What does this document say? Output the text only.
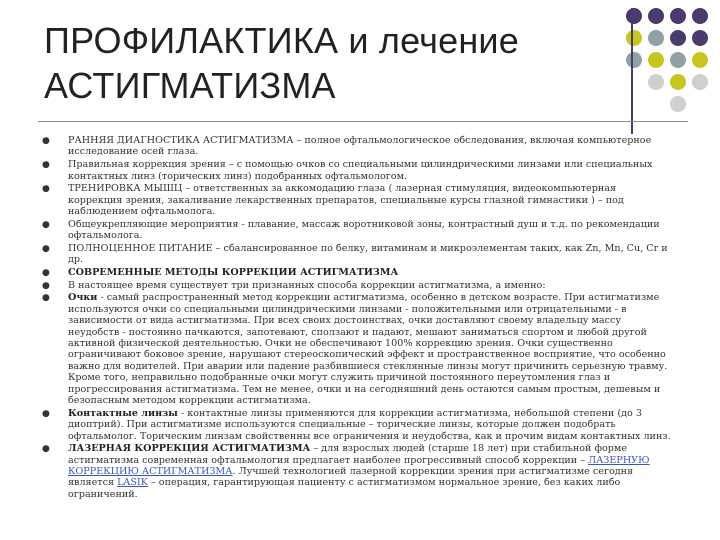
ПРОФИЛАКТИКА и лечение
АСТИГМАТИЗМА
● РАННЯЯ ДИАГНОСТИКА АСТИГМАТИЗМА – полное офтальмологическое обследования, включая компьютерное
исследование осей глаза.
● Правильная коррекция зрения – с помощью очков со специальными цилиндрическими линзами или специальных
контактных линз (торических линз) подобранных офтальмологом.
● ТРЕНИРОВКА МЫШЦ – ответственных за аккомодацию глаза ( лазерная стимуляция, видеокомпьютерная
коррекция зрения, закаливание лекарственных препаратов, специальные курсы глазной гимнастики ) – под
наблюдением офтальмолога.
● Общеукрепляющие мероприятия - плавание, массаж воротниковой зоны, контрастный душ и т.д. по рекомендации
офтальмолога.
● ПОЛНОЦЕННОЕ ПИТАНИЕ – сбалансированное по белку, витаминам и микроэлементам таких, как Zn, Mn, Cu, Cr и
др.
● СОВРЕМЕННЫЕ МЕТОДЫ КОРРЕКЦИИ АСТИГМАТИЗМА
● В настоящее время существует три признанных способа коррекции астигматизма, а именно:
● Очки - самый распространенный метод коррекции астигматизма, особенно в детском возрасте. При астигматизме
используются очки со специальными цилиндрическими линзами - положительными или отрицательными - в
зависимости от вида астигматизма. При всех своих достоинствах, очки доставляют своему владельцу массу
неудобств - постоянно пачкаются, запотевают, сползают и падают, мешают заниматься спортом и любой другой
активной физической деятельностью. Очки не обеспечивают 100% коррекцию зрения. Очки существенно
ограничивают боковое зрение, нарушают стереоскопический эффект и пространственное восприятие, что особенно
важно для водителей. При аварии или падение разбившиеся стеклянные линзы могут причинить серьезную травму.
Кроме того, неправильно подобранные очки могут служить причиной постоянного переутомления глаз и
прогрессирования астигматизма. Тем не менее, очки и на сегодняшний день остаются самым простым, дешевым и
безопасным методом коррекции астигматизма.
● Контактные линзы - контактные линзы применяются для коррекции астигматизма, небольшой степени (до 3
диоптрий). При астигматизме используются специальные – торические линзы, которые должен подобрать
офтальмолог. Торическим линзам свойственны все ограничения и неудобства, как и прочим видам контактных линз.
● ЛАЗЕРНАЯ КОРРЕКЦИЯ АСТИГМАТИЗМА – для взрослых людей (старше 18 лет) при стабильной форме
астигматизма современная офтальмология предлагает наиболее прогрессивный способ коррекции – ЛАЗЕРНУЮ
КОРРЕКЦИЮ АСТИГМАТИЗМА. Лучшей технологией лазерной коррекции зрения при астигматизме сегодня
является LASIK – операция, гарантирующая пациенту с астигматизмом нормальное зрение, без каких либо
ограничений.
